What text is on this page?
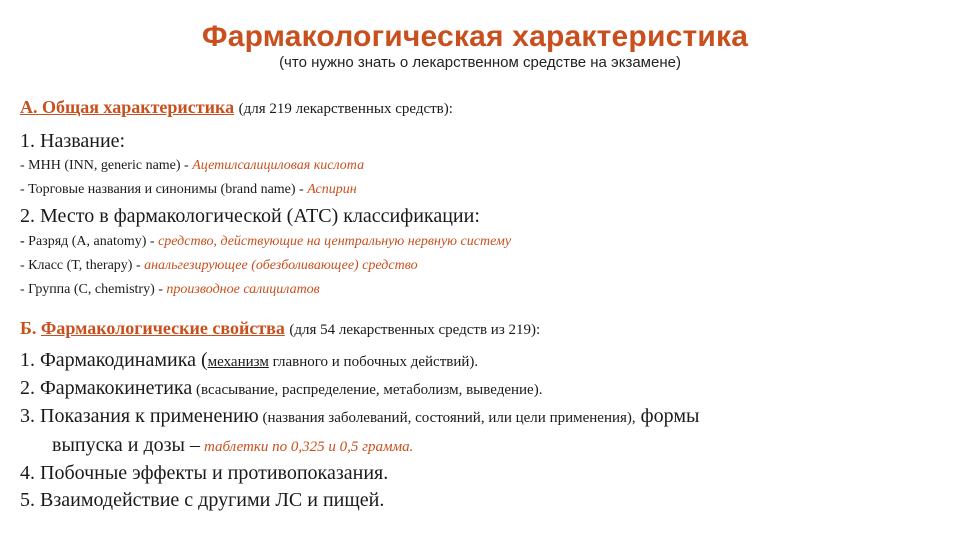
Фармакологическая характеристика
(что нужно знать о лекарственном средстве на экзамене)
А. Общая характеристика (для 219 лекарственных средств):
1. Название:
- МНН (INN, generic name) - Ацетилсалициловая кислота
- Торговые названия и синонимы (brand name) - Аспирин
2. Место в фармакологической (АТС) классификации:
- Разряд (А, anatomy) - средство, действующие на центральную нервную систему
- Класс (T, therapy) - анальгезирующее (обезболивающее) средство
- Группа (С, chemistry) - производное салицилатов
Б. Фармакологические свойства (для 54 лекарственных средств из 219):
1. Фармакодинамика (механизм главного и побочных действий).
2. Фармакокинетика (всасывание, распределение, метаболизм, выведение).
3. Показания к применению (названия заболеваний, состояний, или цели применения), формы
выпуска и дозы – таблетки по 0,325 и 0,5 грамма.
4. Побочные эффекты и противопоказания.
5. Взаимодействие с другими ЛС и пищей.
